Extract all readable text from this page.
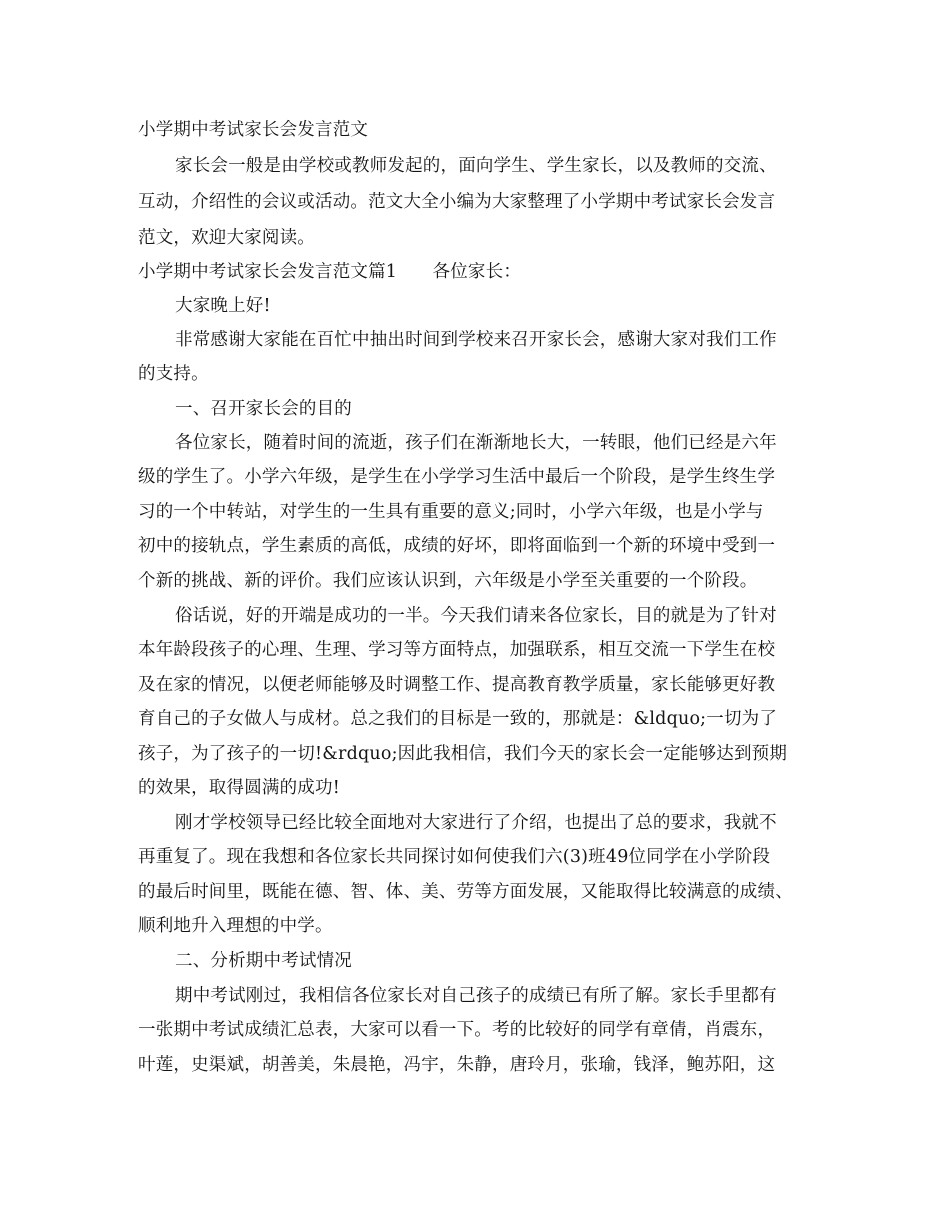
小学期中考试家长会发言范文
家长会一般是由学校或教师发起的，面向学生、学生家长，以及教师的交流、
互动，介绍性的会议或活动。范文大全小编为大家整理了小学期中考试家长会发言
范文，欢迎大家阅读。
小学期中考试家长会发言范文篇1　　各位家长：
大家晚上好!
非常感谢大家能在百忙中抽出时间到学校来召开家长会，感谢大家对我们工作
的支持。
一、召开家长会的目的
各位家长，随着时间的流逝，孩子们在渐渐地长大，一转眼，他们已经是六年
级的学生了。小学六年级，是学生在小学学习生活中最后一个阶段，是学生终生学
习的一个中转站，对学生的一生具有重要的意义;同时，小学六年级，也是小学与
初中的接轨点，学生素质的高低，成绩的好坏，即将面临到一个新的环境中受到一
个新的挑战、新的评价。我们应该认识到，六年级是小学至关重要的一个阶段。
俗话说，好的开端是成功的一半。今天我们请来各位家长，目的就是为了针对
本年龄段孩子的心理、生理、学习等方面特点，加强联系，相互交流一下学生在校
及在家的情况，以便老师能够及时调整工作、提高教育教学质量，家长能够更好教
育自己的子女做人与成材。总之我们的目标是一致的，那就是：&ldquo;一切为了
孩子，为了孩子的一切!&rdquo;因此我相信，我们今天的家长会一定能够达到预期
的效果，取得圆满的成功!
刚才学校领导已经比较全面地对大家进行了介绍，也提出了总的要求，我就不
再重复了。现在我想和各位家长共同探讨如何使我们六(3)班49位同学在小学阶段
的最后时间里，既能在德、智、体、美、劳等方面发展，又能取得比较满意的成绩、
顺利地升入理想的中学。
二、分析期中考试情况
期中考试刚过，我相信各位家长对自己孩子的成绩已有所了解。家长手里都有
一张期中考试成绩汇总表，大家可以看一下。考的比较好的同学有章倩，肖震东，
叶莲，史渠斌，胡善美，朱晨艳，冯宇，朱静，唐玲月，张瑜，钱泽，鲍苏阳，这
